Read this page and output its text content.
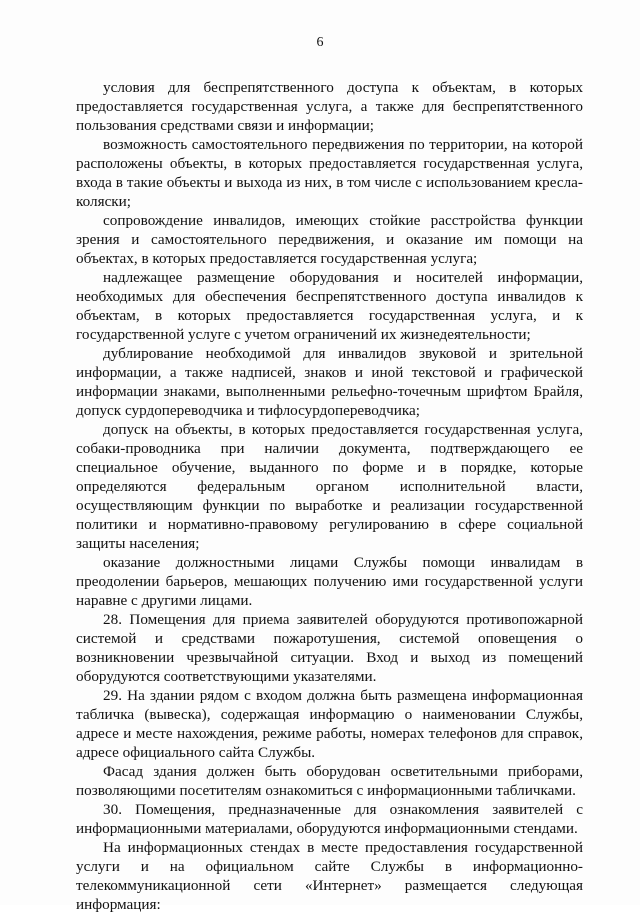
6

условия для беспрепятственного доступа к объектам, в которых предоставляется государственная услуга, а также для беспрепятственного пользования средствами связи и информации;

возможность самостоятельного передвижения по территории, на которой расположены объекты, в которых предоставляется государственная услуга, входа в такие объекты и выхода из них, в том числе с использованием кресла-коляски;

сопровождение инвалидов, имеющих стойкие расстройства функции зрения и самостоятельного передвижения, и оказание им помощи на объектах, в которых предоставляется государственная услуга;

надлежащее размещение оборудования и носителей информации, необходимых для обеспечения беспрепятственного доступа инвалидов к объектам, в которых предоставляется государственная услуга, и к государственной услуге с учетом ограничений их жизнедеятельности;

дублирование необходимой для инвалидов звуковой и зрительной информации, а также надписей, знаков и иной текстовой и графической информации знаками, выполненными рельефно-точечным шрифтом Брайля, допуск сурдопереводчика и тифлосурдопереводчика;

допуск на объекты, в которых предоставляется государственная услуга, собаки-проводника при наличии документа, подтверждающего ее специальное обучение, выданного по форме и в порядке, которые определяются федеральным органом исполнительной власти, осуществляющим функции по выработке и реализации государственной политики и нормативно-правовому регулированию в сфере социальной защиты населения;

оказание должностными лицами Службы помощи инвалидам в преодолении барьеров, мешающих получению ими государственной услуги наравне с другими лицами.

28. Помещения для приема заявителей оборудуются противопожарной системой и средствами пожаротушения, системой оповещения о возникновении чрезвычайной ситуации. Вход и выход из помещений оборудуются соответствующими указателями.

29. На здании рядом с входом должна быть размещена информационная табличка (вывеска), содержащая информацию о наименовании Службы, адресе и месте нахождения, режиме работы, номерах телефонов для справок, адресе официального сайта Службы.

Фасад здания должен быть оборудован осветительными приборами, позволяющими посетителям ознакомиться с информационными табличками.

30. Помещения, предназначенные для ознакомления заявителей с информационными материалами, оборудуются информационными стендами.

На информационных стендах в месте предоставления государственной услуги и на официальном сайте Службы в информационно-телекоммуникационной сети «Интернет» размещается следующая информация:
